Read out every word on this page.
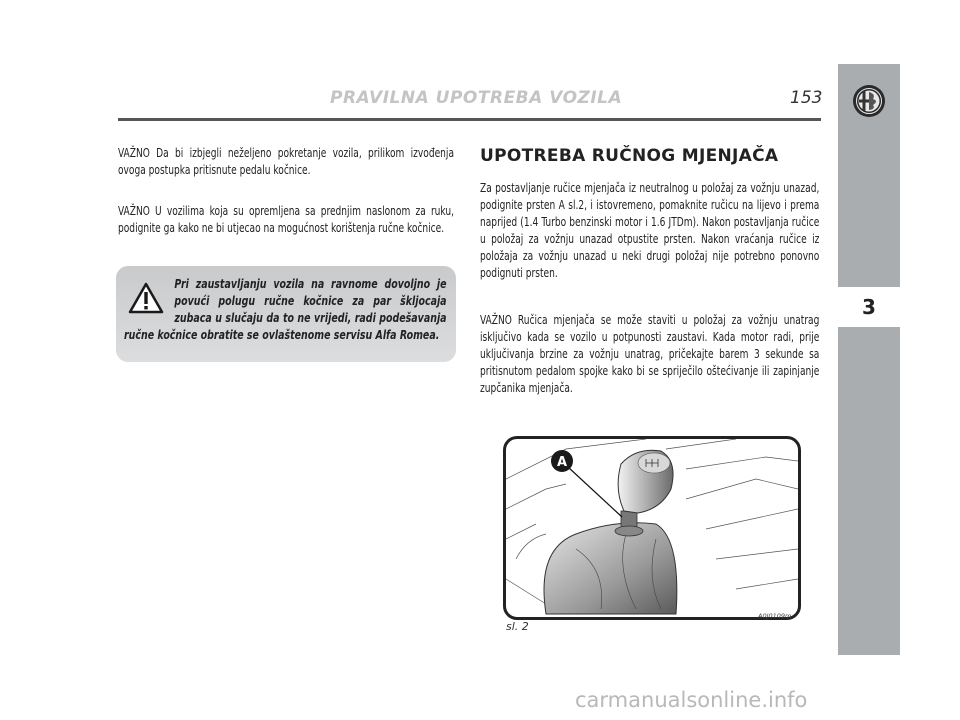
PRAVILNA UPOTREBA VOZILA	153
3

VAŽNO Da bi izbjegli neželjeno pokretanje vozila, prilikom izvođenja ovoga postupka pritisnute pedalu kočnice.

VAŽNO U vozilima koja su opremljena sa prednjim naslonom za ruku, podignite ga kako ne bi utjecao na mogućnost korištenja ručne kočnice.

Pri zaustavljanju vozila na ravnome dovoljno je povući polugu ručne kočnice za par škljocaja zubaca u slučaju da to ne vrijedi, radi podešavanja ručne kočnice obratite se ovlaštenome servisu Alfa Romea.
UPOTREBA RUČNOG MJENJAČA

Za postavljanje ručice mjenjača iz neutralnog u položaj za vožnju unazad, podignite prsten A sl.2, i istovremeno, pomaknite ručicu na lijevo i prema naprijed (1.4 Turbo benzinski motor i 1.6 JTDm). Nakon postavljanja ručice u položaj za vožnju unazad otpustite prsten. Nakon vraćanja ručice iz položaja za vožnju unazad u neki drugi položaj nije potrebno ponovno podignuti prsten.

VAŽNO Ručica mjenjača se može staviti u položaj za vožnju unatrag isključivo kada se vozilo u potpunosti zaustavi. Kada motor radi, prije uključivanja brzine za vožnju unatrag, pričekajte barem 3 sekunde sa pritisnutom pedalom spojke kako bi se spriječilo oštećivanje ili zapinjanje zupčanika mjenjača.

A
sl. 2
A0J0109m
carmanualsonline.info
